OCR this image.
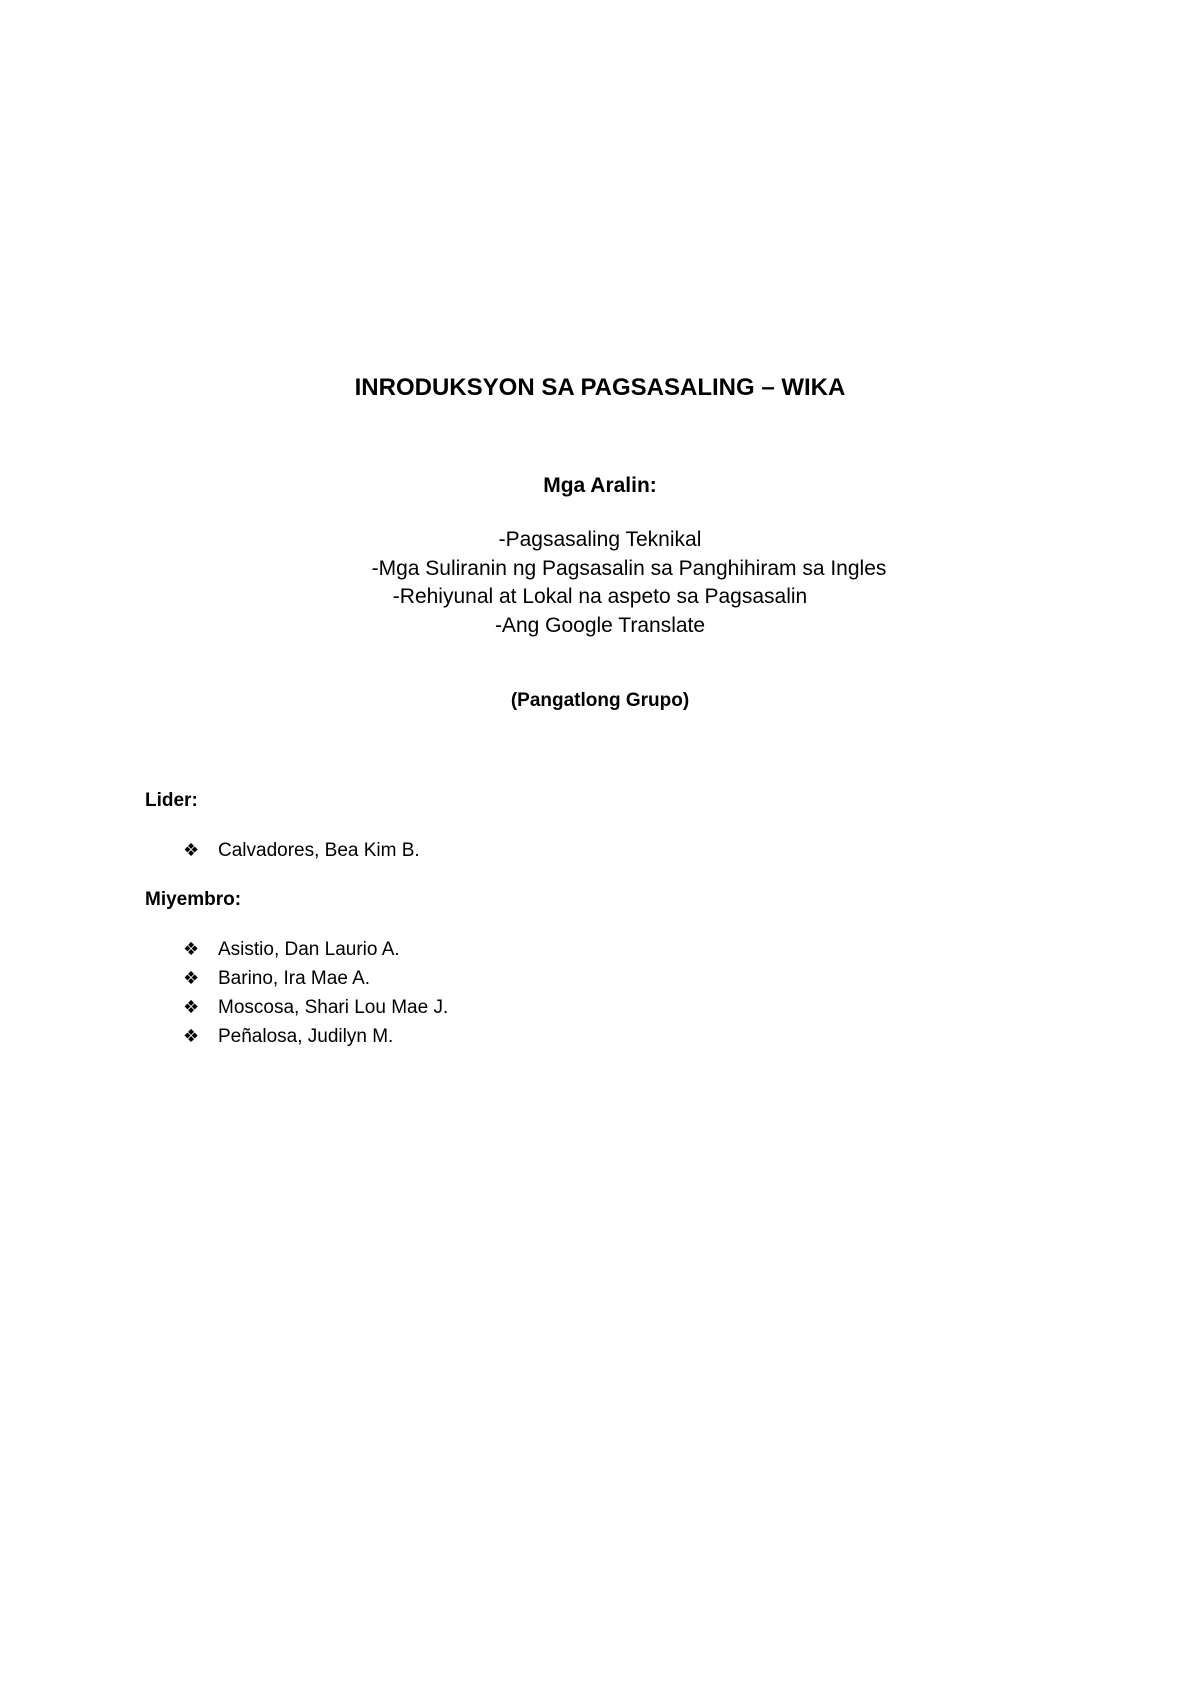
INRODUKSYON SA PAGSASALING – WIKA
Mga Aralin:
-Pagsasaling Teknikal
-Mga Suliranin ng Pagsasalin sa Panghihiram sa Ingles
-Rehiyunal at Lokal na aspeto sa Pagsasalin
-Ang Google Translate

(Pangatlong Grupo)

Lider:

❖ Calvadores, Bea Kim B.

Miyembro:

❖ Asistio, Dan Laurio A.
❖ Barino, Ira Mae A.
❖ Moscosa, Shari Lou Mae J.
❖ Peñalosa, Judilyn M.
